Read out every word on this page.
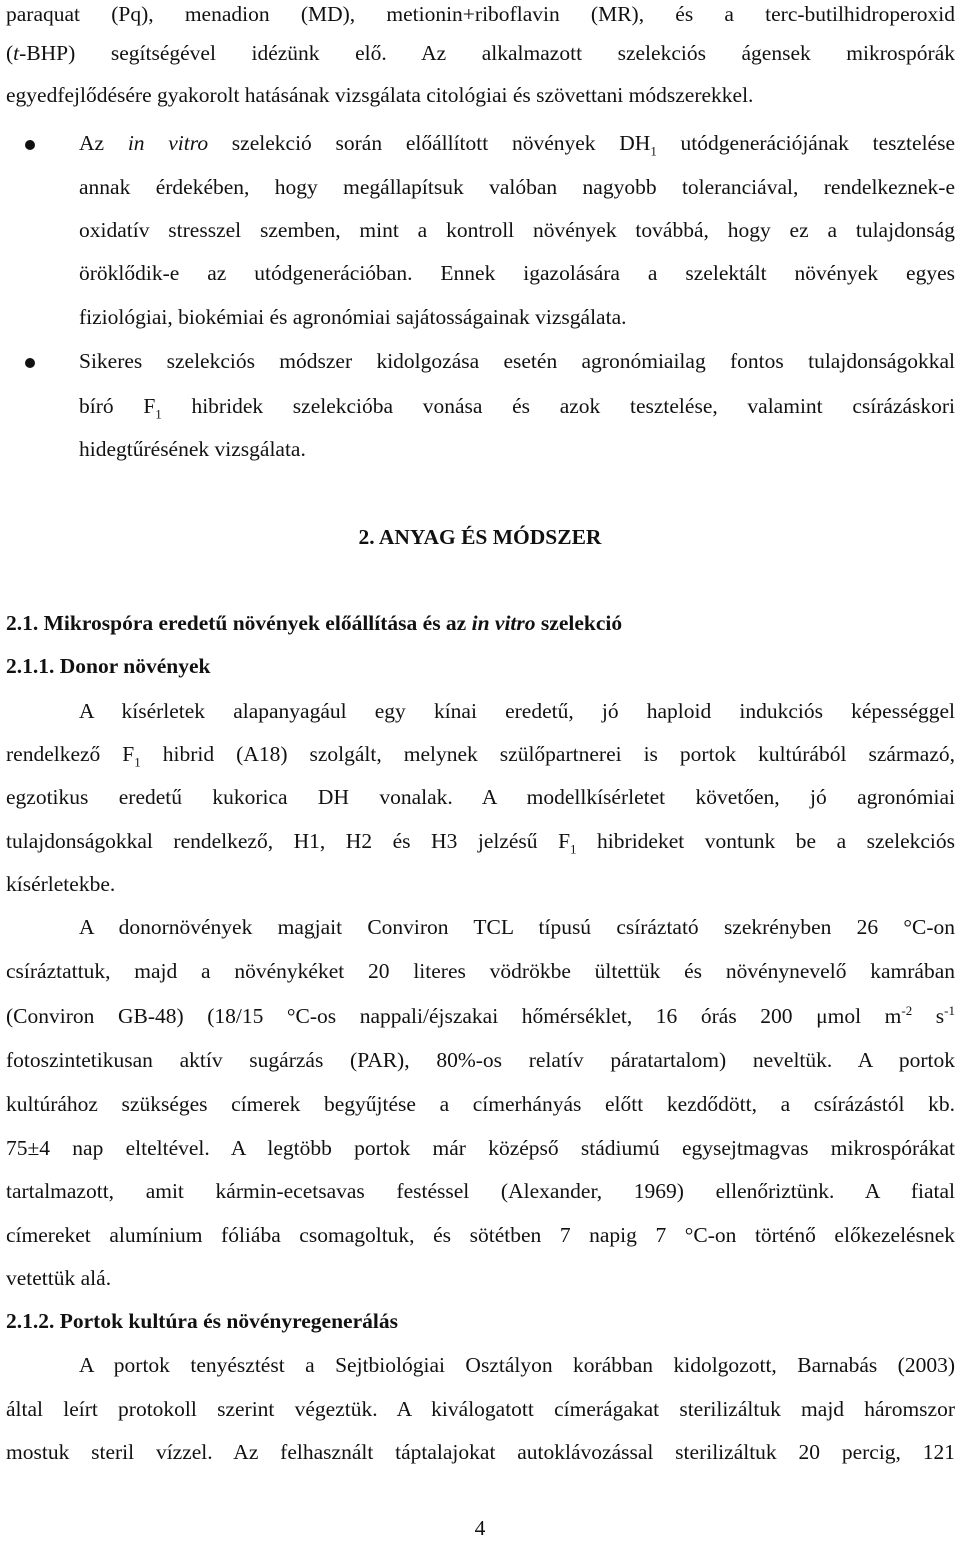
paraquat (Pq), menadion (MD), metionin+riboflavin (MR), és a terc-butilhidroperoxid
(t-BHP) segítségével idézünk elő. Az alkalmazott szelekciós ágensek mikrospórák
egyedfejlődésére gyakorolt hatásának vizsgálata citológiai és szövettani módszerekkel.
Az in vitro szelekció során előállított növények $DH_1$ utódgenerációjának tesztelése
annak érdekében, hogy megállapítsuk valóban nagyobb toleranciával, rendelkeznek-e
oxidatív stresszel szemben, mint a kontroll növények továbbá, hogy ez a tulajdonság
öröklődik-e az utódgenerációban. Ennek igazolására a szelektált növények egyes
fiziológiai, biokémiai és agronómiai sajátosságainak vizsgálata.
Sikeres szelekciós módszer kidolgozása esetén agronómiailag fontos tulajdonságokkal
bíró $F_1$ hibridek szelekcióba vonása és azok tesztelése, valamint csírázáskori
hidegtűrésének vizsgálata.
2. ANYAG ÉS MÓDSZER
2.1. Mikrospóra eredetű növények előállítása és az in vitro szelekció
2.1.1. Donor növények
A kísérletek alapanyagául egy kínai eredetű, jó haploid indukciós képességgel
rendelkező $F_1$ hibrid (A18) szolgált, melynek szülőpartnerei is portok kultúrából származó,
egzotikus eredetű kukorica DH vonalak. A modellkísérletet követően, jó agronómiai
tulajdonságokkal rendelkező, H1, H2 és H3 jelzésű $F_1$ hibrideket vontunk be a szelekciós
kísérletekbe.
A donornövények magjait Conviron TCL típusú csíráztató szekrényben 26 °C-on
csíráztattuk, majd a növénykéket 20 literes vödrökbe ültettük és növénynevelő kamrában
(Conviron GB-48) (18/15 °C-os nappali/éjszakai hőmérséklet, 16 órás 200 μmol $m^{-2}$ $s^{-1}$
fotoszintetikusan aktív sugárzás (PAR), 80%-os relatív páratartalom) neveltük. A portok
kultúrához szükséges címerek begyűjtése a címerhányás előtt kezdődött, a csírázástól kb.
75±4 nap elteltével. A legtöbb portok már középső stádiumú egysejtmagvas mikrospórákat
tartalmazott, amit kármin-ecetsavas festéssel (Alexander, 1969) ellenőriztünk. A fiatal
címereket alumínium fóliába csomagoltuk, és sötétben 7 napig 7 °C-on történő előkezelésnek
vetettük alá.
2.1.2. Portok kultúra és növényregenerálás
A portok tenyésztést a Sejtbiológiai Osztályon korábban kidolgozott, Barnabás (2003)
által leírt protokoll szerint végeztük. A kiválogatott címerágakat sterilizáltuk majd háromszor
mostuk steril vízzel. Az felhasznált táptalajokat autoklávozással sterilizáltuk 20 percig, 121
4
